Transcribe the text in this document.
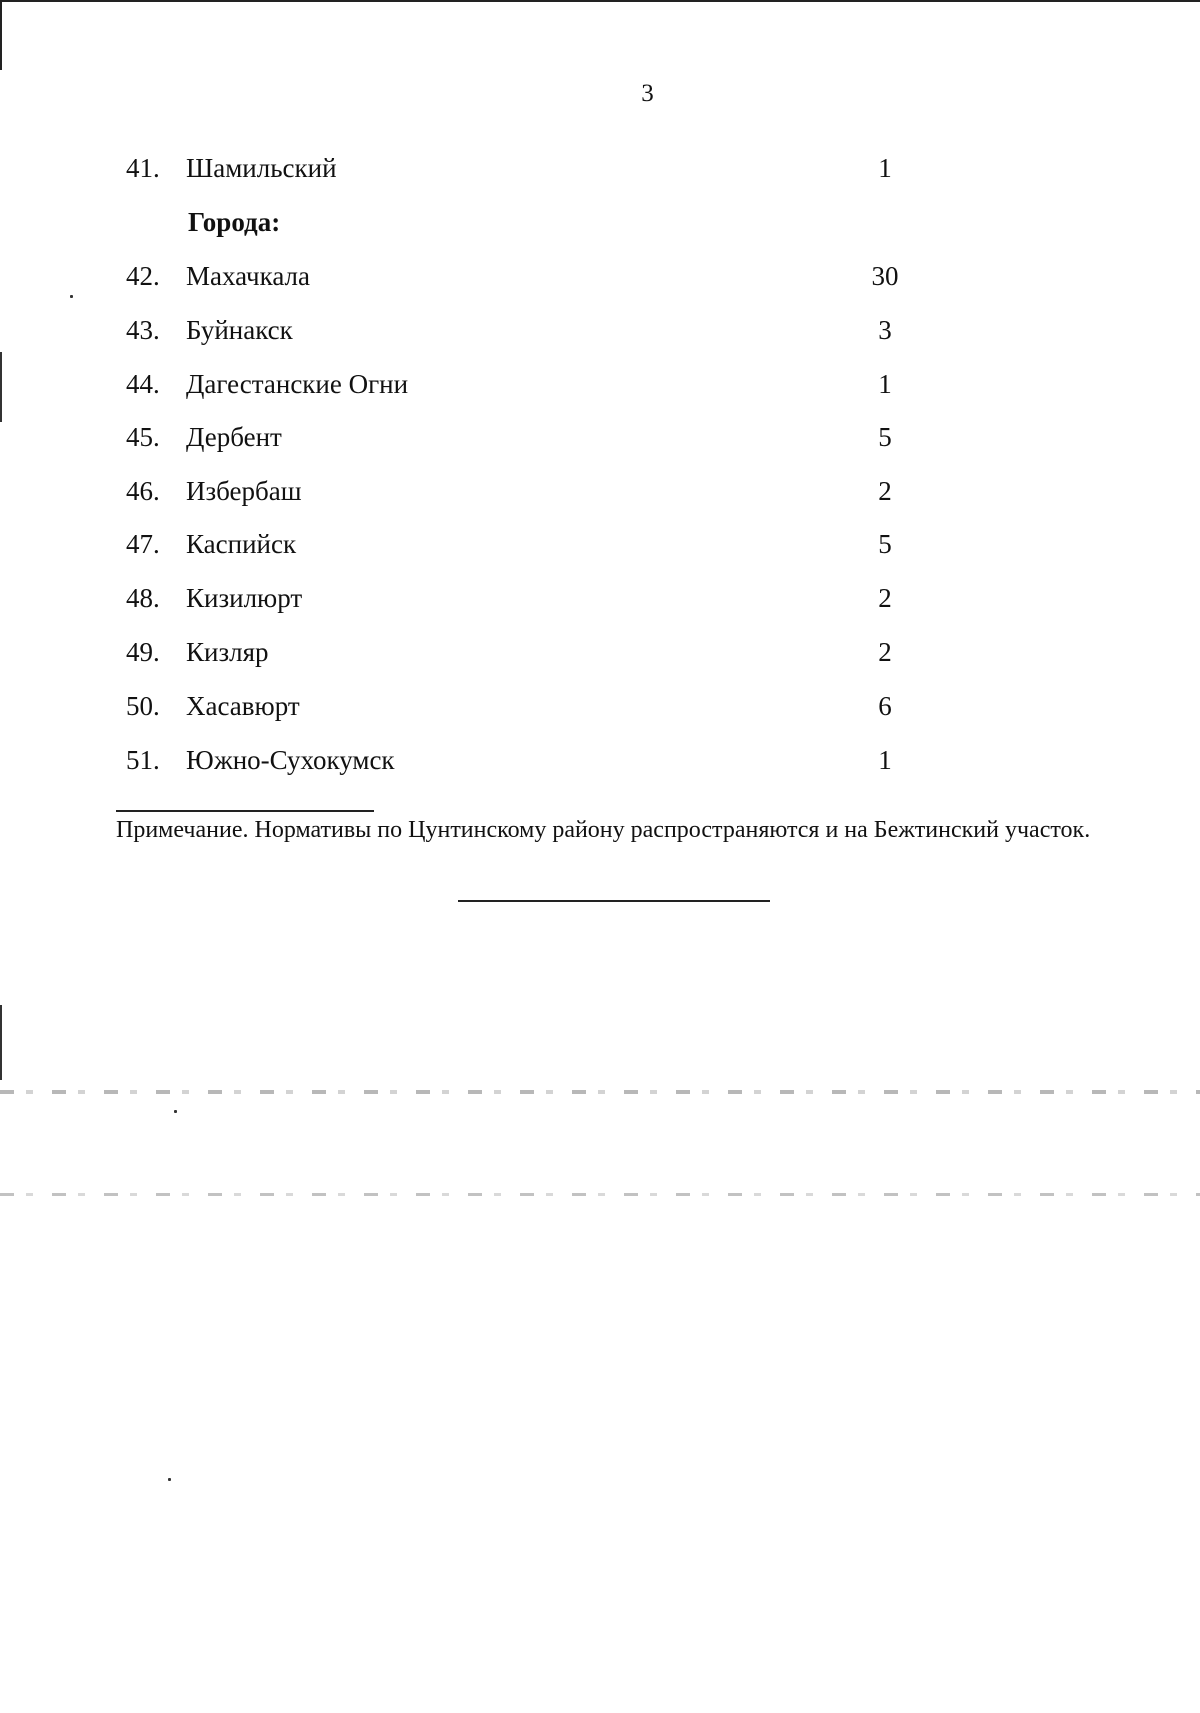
3
41. Шамильский	1
Города:
42. Махачкала	30
43. Буйнакск	3
44. Дагестанские Огни	1
45. Дербент	5
46. Избербаш	2
47. Каспийск	5
48. Кизилюрт	2
49. Кизляр	2
50. Хасавюрт	6
51. Южно-Сухокумск	1
Примечание. Нормативы по Цунтинскому району распространяются и на Бежтинский участок.
